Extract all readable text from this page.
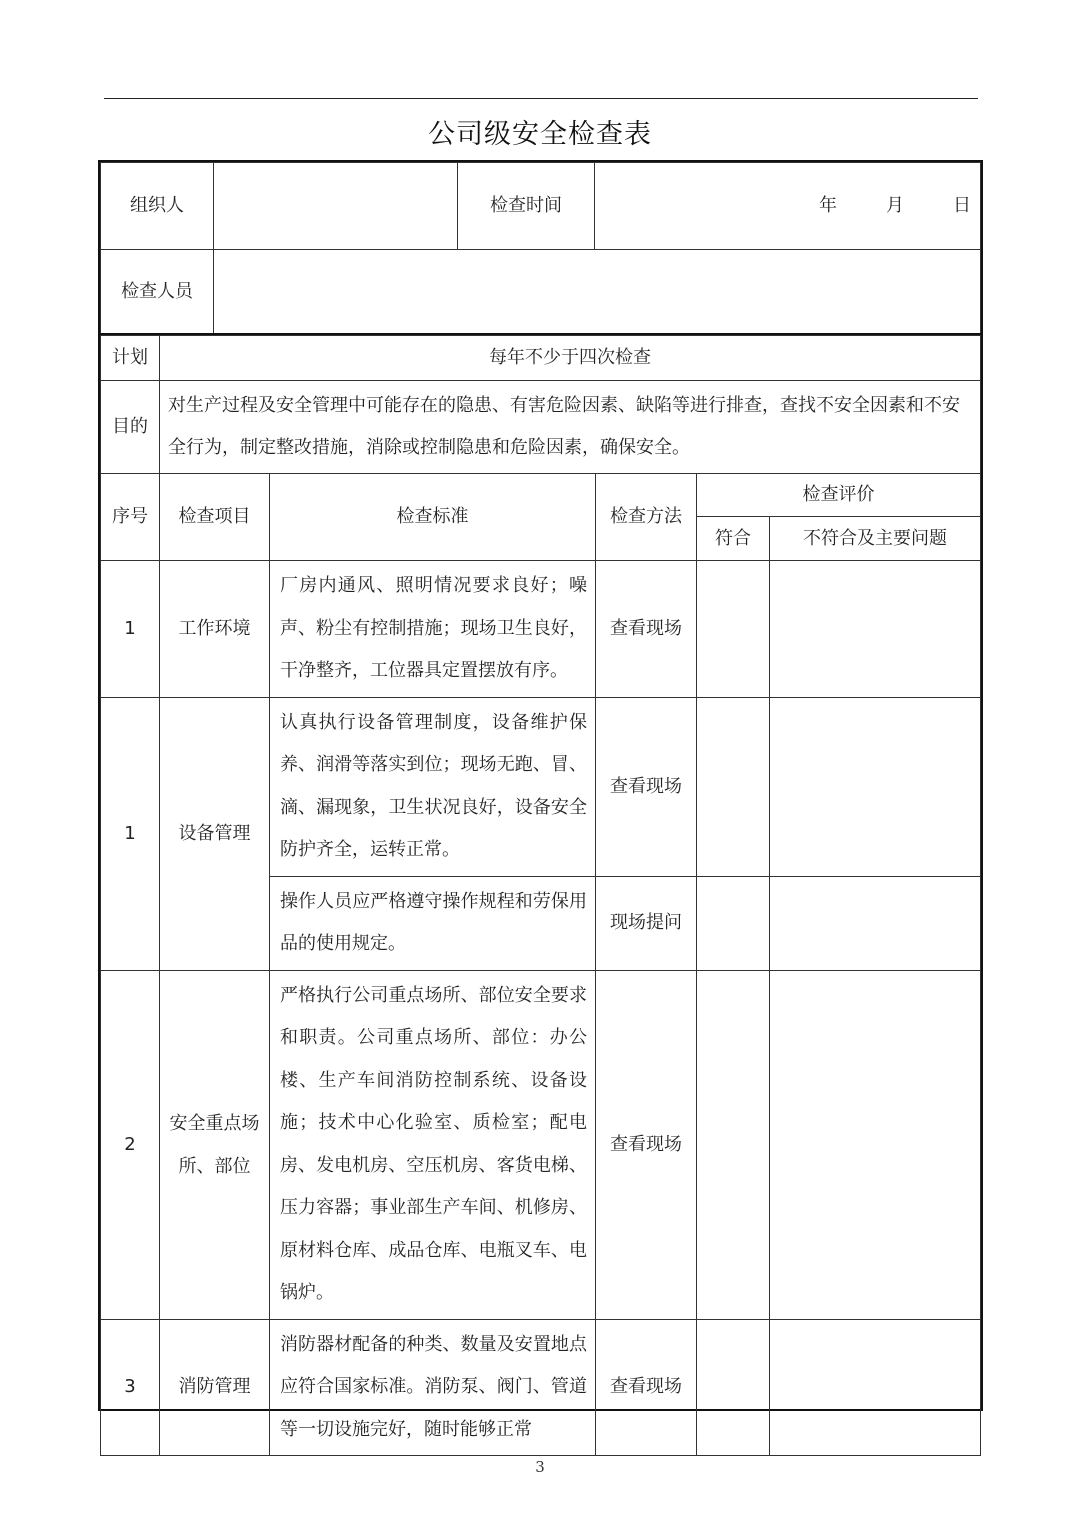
公司级安全检查表
组织人		检查时间	年 月 日

检查人员			
计划	每年不少于四次检查				
目的	对生产过程及安全管理中可能存在的隐患、有害危险因素、缺陷等进行排查，查找不安全因素和不安全行为，制定整改措施，消除或控制隐患和危险因素，确保安全。				
序号	检查项目	检查标准	检查方法	检查评价	
				符合	不符合及主要问题
1	工作环境	厂房内通风、照明情况要求良好；噪声、粉尘有控制措施；现场卫生良好，干净整齐，工位器具定置摆放有序。	查看现场		
1	设备管理	认真执行设备管理制度，设备维护保养、润滑等落实到位；现场无跑、冒、滴、漏现象，卫生状况良好，设备安全防护齐全，运转正常。	查看现场		
		操作人员应严格遵守操作规程和劳保用品的使用规定。	现场提问		
2	安全重点场所、部位	严格执行公司重点场所、部位安全要求和职责。公司重点场所、部位：办公楼、生产车间消防控制系统、设备设施；技术中心化验室、质检室；配电房、发电机房、空压机房、客货电梯、压力容器；事业部生产车间、机修房、原材料仓库、成品仓库、电瓶叉车、电锅炉。	查看现场		
3	消防管理	消防器材配备的种类、数量及安置地点应符合国家标准。消防泵、阀门、管道等一切设施完好，随时能够正常	查看现场		
3
